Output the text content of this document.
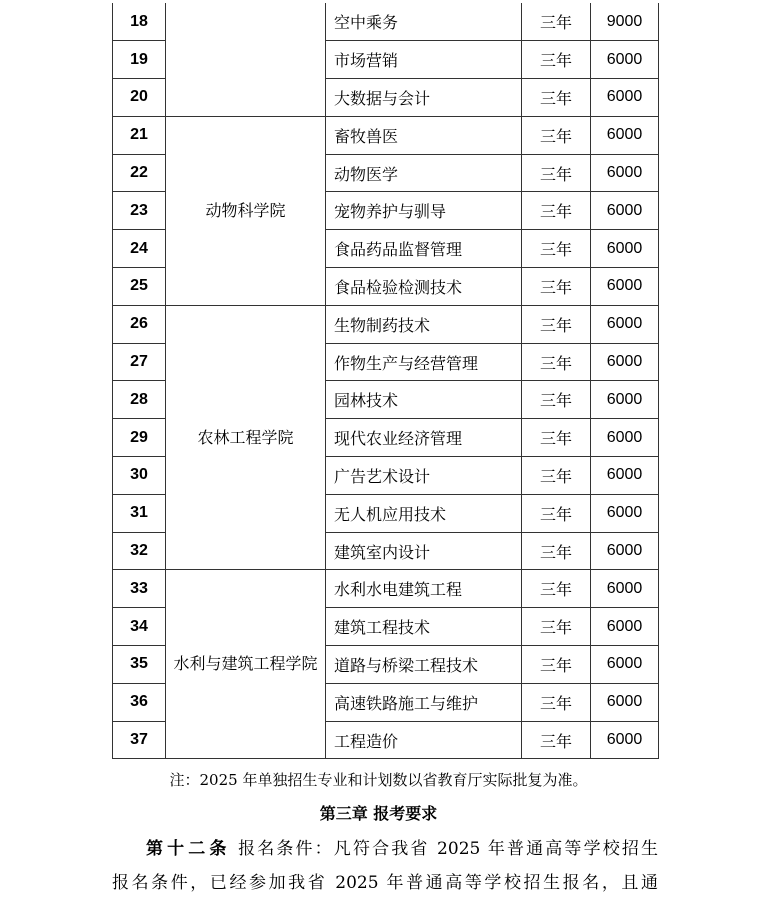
18		空中乘务	三年	9000
19		市场营销	三年	6000
20		大数据与会计	三年	6000
21	动物科学院	畜牧兽医	三年	6000
22		动物医学	三年	6000
23		宠物养护与驯导	三年	6000
24		食品药品监督管理	三年	6000
25		食品检验检测技术	三年	6000
26	农林工程学院	生物制药技术	三年	6000
27		作物生产与经营管理	三年	6000
28		园林技术	三年	6000
29		现代农业经济管理	三年	6000
30		广告艺术设计	三年	6000
31		无人机应用技术	三年	6000
32		建筑室内设计	三年	6000
33	水利与建筑工程学院	水利水电建筑工程	三年	6000
34		建筑工程技术	三年	6000
35		道路与桥梁工程技术	三年	6000
36		高速铁路施工与维护	三年	6000
37		工程造价	三年	6000
注：2025 年单独招生专业和计划数以省教育厅实际批复为准。
第三章 报考要求
第十二条 报名条件：凡符合我省 2025 年普通高等学校招生
报名条件，已经参加我省 2025 年普通高等学校招生报名，且通
